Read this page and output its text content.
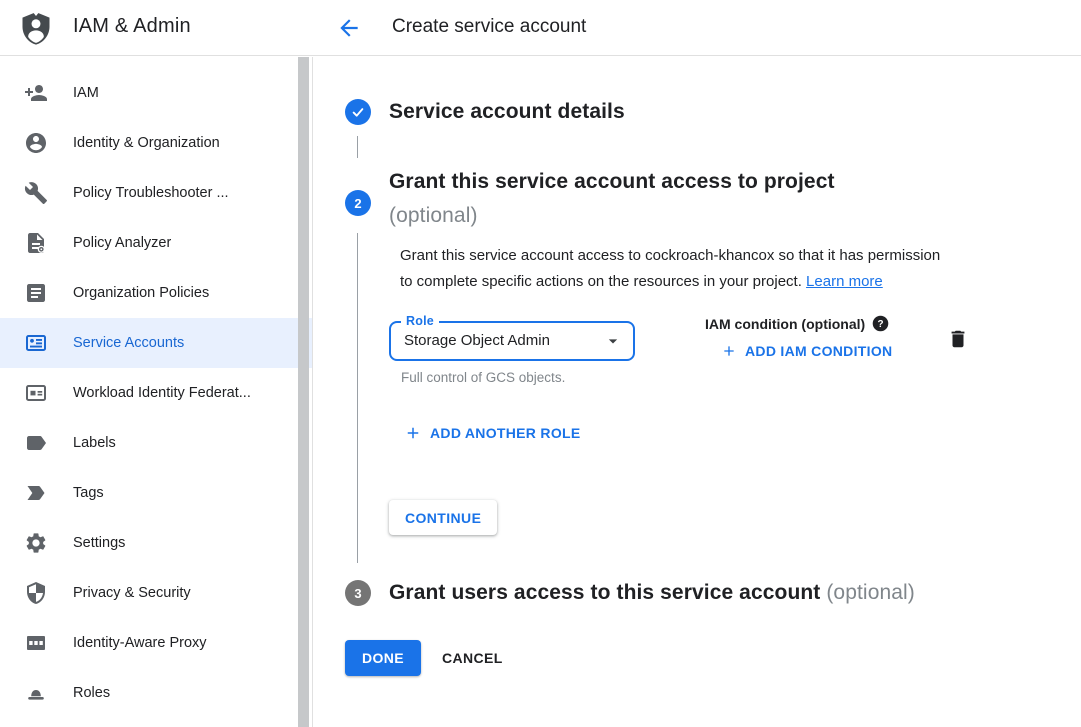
IAM & Admin	Create service account
IAM
Identity & Organization
Policy Troubleshooter ...
Policy Analyzer
Organization Policies
Service Accounts
Workload Identity Federat...
Labels
Tags
Settings
Privacy & Security
Identity-Aware Proxy
Roles
Service account details
2
Grant this service account access to project
(optional)
Grant this service account access to cockroach-khancox so that it has permission
to complete specific actions on the resources in your project. Learn more
Role
Storage Object Admin
Full control of GCS objects.
IAM condition (optional) ?
ADD IAM CONDITION
ADD ANOTHER ROLE
CONTINUE
3 Grant users access to this service account (optional)
DONE	CANCEL
